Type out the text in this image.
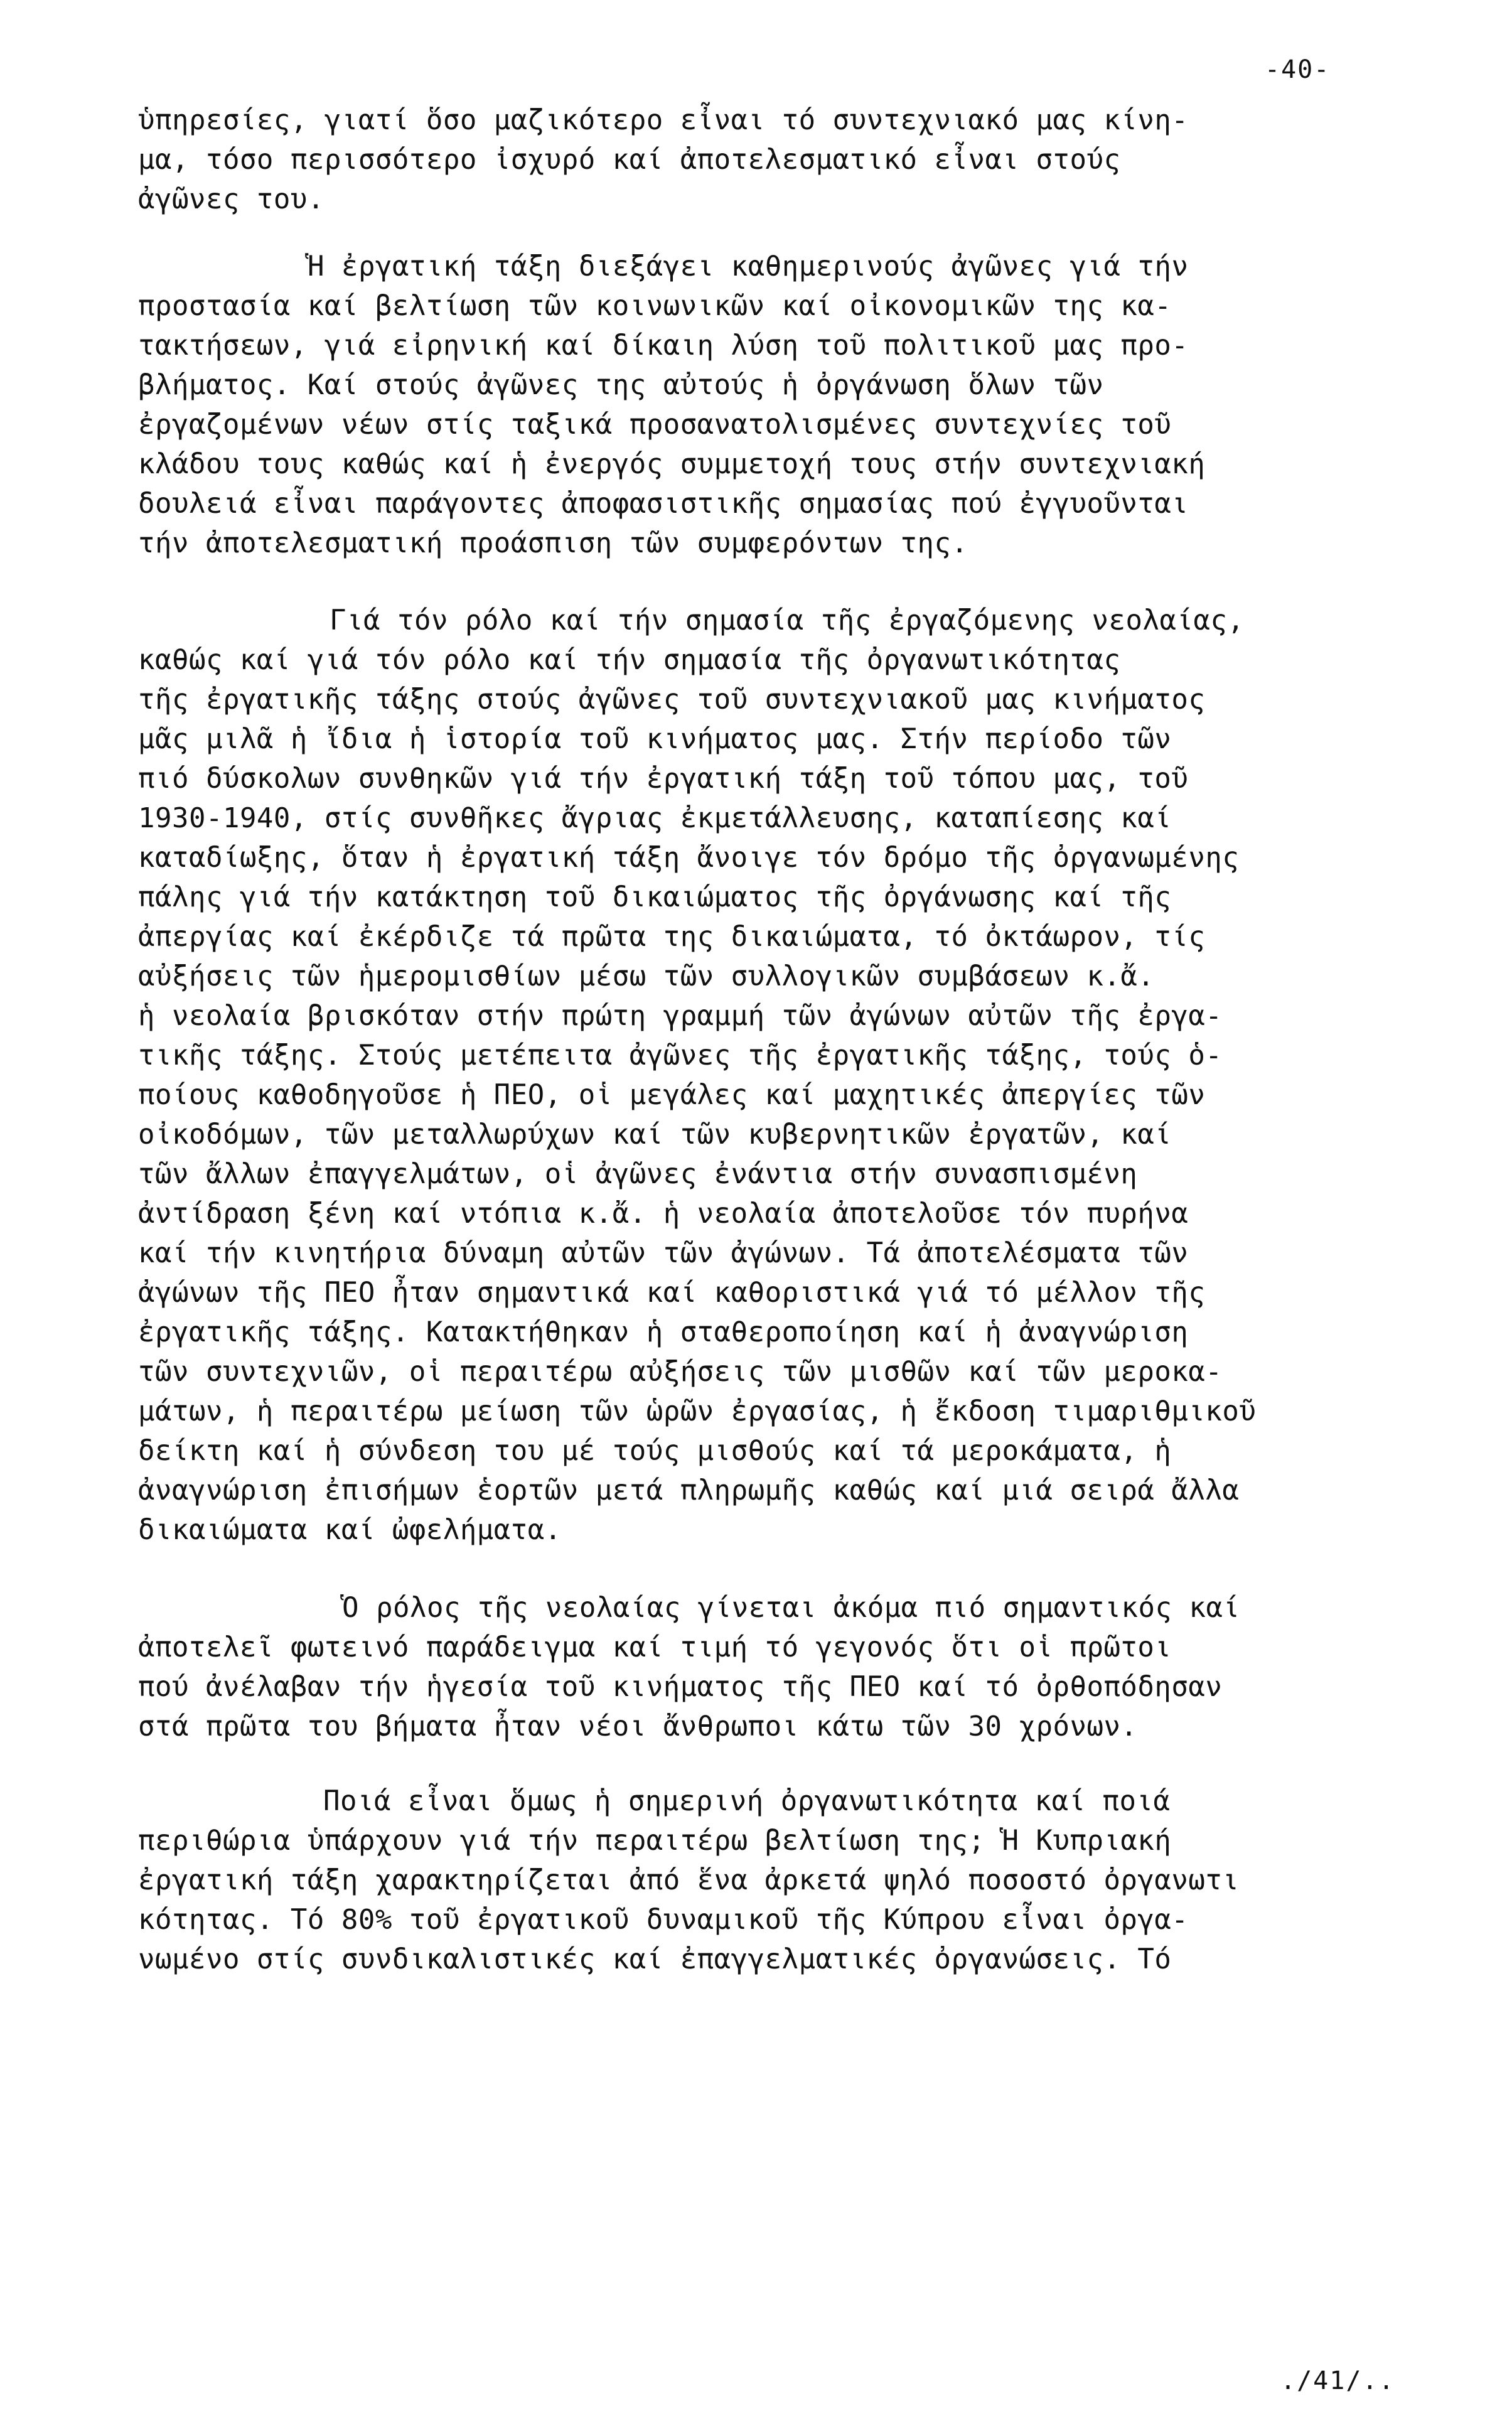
-40-
ὑπηρεσίες, γιατί ὅσο μαζικότερο εἶναι τό συντεχνιακό μας κίνη-
μα, τόσο περισσότερο ἰσχυρό καί ἀποτελεσματικό εἶναι στούς
ἀγῶνες του.
Ἡ ἐργατική τάξη διεξάγει καθημερινούς ἀγῶνες γιά τήν
προστασία καί βελτίωση τῶν κοινωνικῶν καί οἰκονομικῶν της κα-
τακτήσεων, γιά εἰρηνική καί δίκαιη λύση τοῦ πολιτικοῦ μας προ-
βλήματος. Καί στούς ἀγῶνες της αὐτούς ἡ ὀργάνωση ὅλων τῶν
ἐργαζομένων νέων στίς ταξικά προσανατολισμένες συντεχνίες τοῦ
κλάδου τους καθώς καί ἡ ἐνεργός συμμετοχή τους στήν συντεχνιακή
δουλειά εἶναι παράγοντες ἀποφασιστικῆς σημασίας πού ἐγγυοῦνται
τήν ἀποτελεσματική προάσπιση τῶν συμφερόντων της.
Γιά τόν ρόλο καί τήν σημασία τῆς ἐργαζόμενης νεολαίας,
καθώς καί γιά τόν ρόλο καί τήν σημασία τῆς ὀργανωτικότητας
τῆς ἐργατικῆς τάξης στούς ἀγῶνες τοῦ συντεχνιακοῦ μας κινήματος
μᾶς μιλᾶ ἡ ἴδια ἡ ἱστορία τοῦ κινήματος μας. Στήν περίοδο τῶν
πιό δύσκολων συνθηκῶν γιά τήν ἐργατική τάξη τοῦ τόπου μας, τοῦ
1930-1940, στίς συνθῆκες ἄγριας ἐκμετάλλευσης, καταπίεσης καί
καταδίωξης, ὅταν ἡ ἐργατική τάξη ἄνοιγε τόν δρόμο τῆς ὀργανωμένης
πάλης γιά τήν κατάκτηση τοῦ δικαιώματος τῆς ὀργάνωσης καί τῆς
ἀπεργίας καί ἐκέρδιζε τά πρῶτα της δικαιώματα, τό ὀκτάωρον, τίς
αὐξήσεις τῶν ἡμερομισθίων μέσω τῶν συλλογικῶν συμβάσεων κ.ἄ.
ἡ νεολαία βρισκόταν στήν πρώτη γραμμή τῶν ἀγώνων αὐτῶν τῆς ἐργα-
τικῆς τάξης. Στούς μετέπειτα ἀγῶνες τῆς ἐργατικῆς τάξης, τούς ὁ-
ποίους καθοδηγοῦσε ἡ ΠΕΟ, οἱ μεγάλες καί μαχητικές ἀπεργίες τῶν
οἰκοδόμων, τῶν μεταλλωρύχων καί τῶν κυβερνητικῶν ἐργατῶν, καί
τῶν ἄλλων ἐπαγγελμάτων, οἱ ἀγῶνες ἐνάντια στήν συνασπισμένη
ἀντίδραση ξένη καί ντόπια κ.ἄ. ἡ νεολαία ἀποτελοῦσε τόν πυρήνα
καί τήν κινητήρια δύναμη αὐτῶν τῶν ἀγώνων. Τά ἀποτελέσματα τῶν
ἀγώνων τῆς ΠΕΟ ἦταν σημαντικά καί καθοριστικά γιά τό μέλλον τῆς
ἐργατικῆς τάξης. Κατακτήθηκαν ἡ σταθεροποίηση καί ἡ ἀναγνώριση
τῶν συντεχνιῶν, οἱ περαιτέρω αὐξήσεις τῶν μισθῶν καί τῶν μεροκα-
μάτων, ἡ περαιτέρω μείωση τῶν ὡρῶν ἐργασίας, ἡ ἔκδοση τιμαριθμικοῦ
δείκτη καί ἡ σύνδεση του μέ τούς μισθούς καί τά μεροκάματα, ἡ
ἀναγνώριση ἐπισήμων ἑορτῶν μετά πληρωμῆς καθώς καί μιά σειρά ἄλλα
δικαιώματα καί ὠφελήματα.
Ὁ ρόλος τῆς νεολαίας γίνεται ἀκόμα πιό σημαντικός καί
ἀποτελεῖ φωτεινό παράδειγμα καί τιμή τό γεγονός ὅτι οἱ πρῶτοι
πού ἀνέλαβαν τήν ἡγεσία τοῦ κινήματος τῆς ΠΕΟ καί τό ὀρθοπόδησαν
στά πρῶτα του βήματα ἦταν νέοι ἄνθρωποι κάτω τῶν 30 χρόνων.
Ποιά εἶναι ὅμως ἡ σημερινή ὀργανωτικότητα καί ποιά
περιθώρια ὑπάρχουν γιά τήν περαιτέρω βελτίωση της; Ἡ Κυπριακή
ἐργατική τάξη χαρακτηρίζεται ἀπό ἕνα ἀρκετά ψηλό ποσοστό ὀργανωτι
κότητας. Τό 80% τοῦ ἐργατικοῦ δυναμικοῦ τῆς Κύπρου εἶναι ὀργα-
νωμένο στίς συνδικαλιστικές καί ἐπαγγελματικές ὀργανώσεις. Τό
./41/..
